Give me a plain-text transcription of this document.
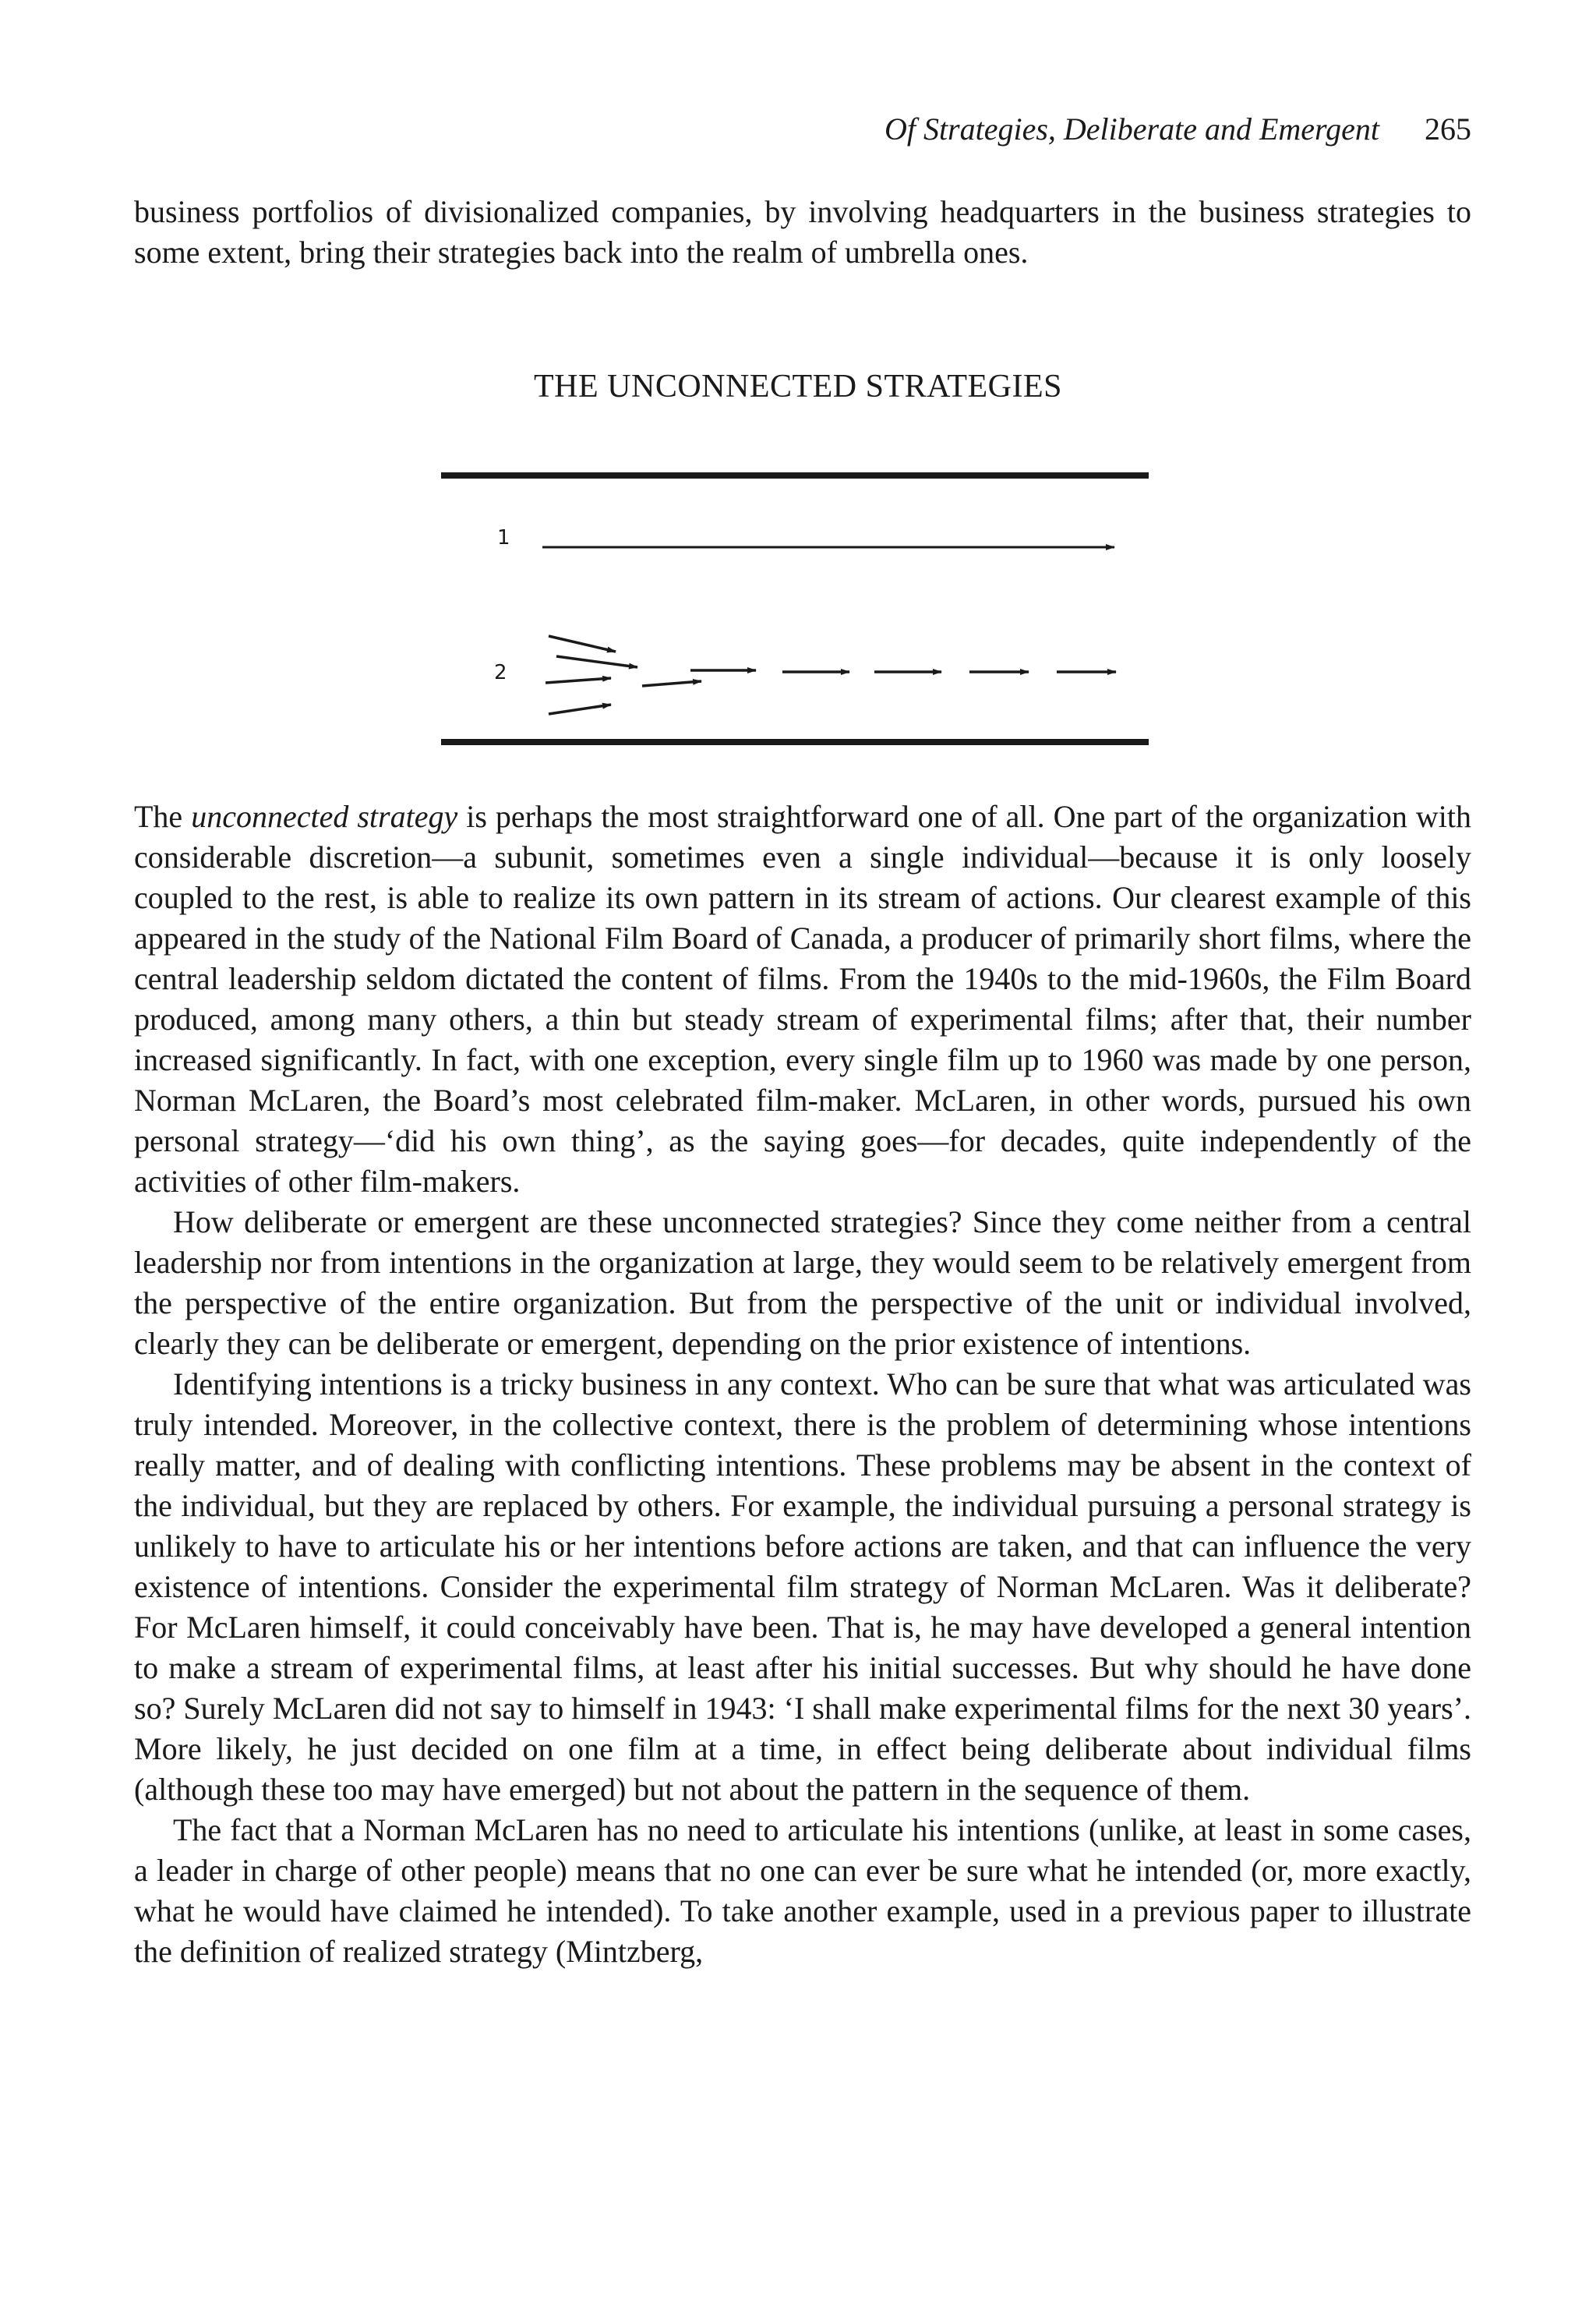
Of Strategies, Deliberate and Emergent 265

business portfolios of divisionalized companies, by involving headquarters in the business strategies to some extent, bring their strategies back into the realm of umbrella ones.

THE UNCONNECTED STRATEGIES
1
2

The unconnected strategy is perhaps the most straightforward one of all. One part of the organization with considerable discretion—a subunit, sometimes even a single individual—because it is only loosely coupled to the rest, is able to realize its own pattern in its stream of actions. Our clearest example of this appeared in the study of the National Film Board of Canada, a producer of primarily short films, where the central leadership seldom dictated the content of films. From the 1940s to the mid-1960s, the Film Board produced, among many others, a thin but steady stream of experimental films; after that, their number increased significantly. In fact, with one exception, every single film up to 1960 was made by one person, Norman McLaren, the Board’s most celebrated film-maker. McLaren, in other words, pursued his own personal strategy—‘did his own thing’, as the saying goes—for decades, quite independently of the activities of other film-makers.

How deliberate or emergent are these unconnected strategies? Since they come neither from a central leadership nor from intentions in the organization at large, they would seem to be relatively emergent from the perspective of the entire organization. But from the perspective of the unit or individual involved, clearly they can be deliberate or emergent, depending on the prior existence of intentions.

Identifying intentions is a tricky business in any context. Who can be sure that what was articulated was truly intended. Moreover, in the collective context, there is the problem of determining whose intentions really matter, and of dealing with conflicting intentions. These problems may be absent in the context of the individual, but they are replaced by others. For example, the individual pursuing a personal strategy is unlikely to have to articulate his or her intentions before actions are taken, and that can influence the very existence of intentions. Consider the experimental film strategy of Norman McLaren. Was it deliberate? For McLaren himself, it could conceivably have been. That is, he may have developed a general intention to make a stream of experimental films, at least after his initial successes. But why should he have done so? Surely McLaren did not say to himself in 1943: ‘I shall make experimental films for the next 30 years’. More likely, he just decided on one film at a time, in effect being deliberate about individual films (although these too may have emerged) but not about the pattern in the sequence of them.

The fact that a Norman McLaren has no need to articulate his intentions (unlike, at least in some cases, a leader in charge of other people) means that no one can ever be sure what he intended (or, more exactly, what he would have claimed he intended). To take another example, used in a previous paper to illustrate the definition of realized strategy (Mintzberg,
